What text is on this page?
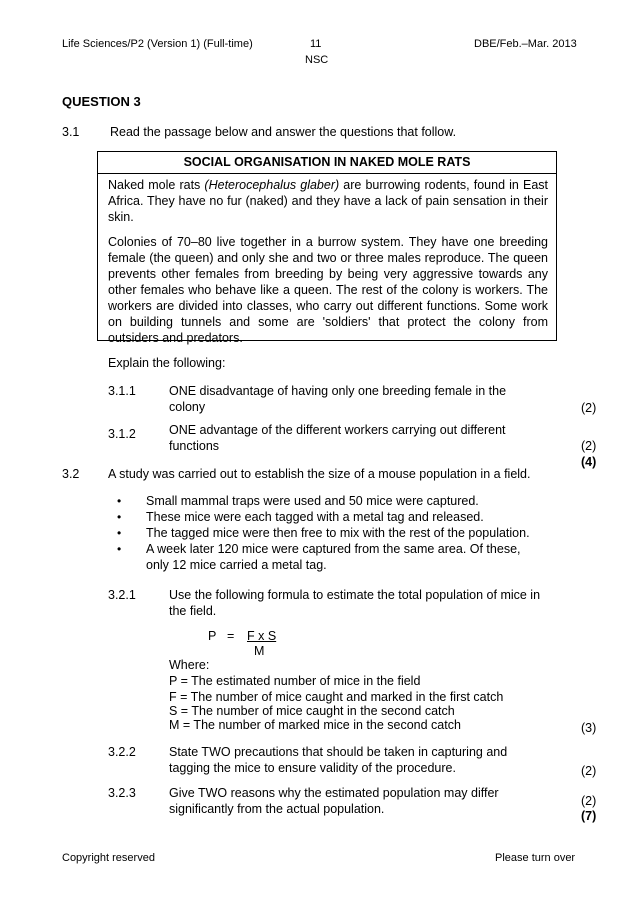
Life Sciences/P2 (Version 1) (Full-time)	11
NSC
DBE/Feb.–Mar. 2013
QUESTION 3
3.1 Read the passage below and answer the questions that follow.
SOCIAL ORGANISATION IN NAKED MOLE RATS
Naked mole rats (Heterocephalus glaber) are burrowing rodents, found in East Africa. They have no fur (naked) and they have a lack of pain sensation in their skin.
Colonies of 70–80 live together in a burrow system. They have one breeding female (the queen) and only she and two or three males reproduce. The queen prevents other females from breeding by being very aggressive towards any other females who behave like a queen. The rest of the colony is workers. The workers are divided into classes, who carry out different functions. Some work on building tunnels and some are 'soldiers' that protect the colony from outsiders and predators.
Explain the following:
3.1.1	ONE disadvantage of having only one breeding female in the
colony	(2)
3.1.2	ONE advantage of the different workers carrying out different
functions	(2)
(4)
3.2 A study was carried out to establish the size of a mouse population in a field.
• Small mammal traps were used and 50 mice were captured.
• These mice were each tagged with a metal tag and released.
• The tagged mice were then free to mix with the rest of the population.
• A week later 120 mice were captured from the same area. Of these,
only 12 mice carried a metal tag.
3.2.1	Use the following formula to estimate the total population of mice in
the field.
P = F x S
M
Where:
P = The estimated number of mice in the field
F = The number of mice caught and marked in the first catch
S = The number of mice caught in the second catch
M = The number of marked mice in the second catch	(3)
3.2.2	State TWO precautions that should be taken in capturing and
tagging the mice to ensure validity of the procedure.	(2)
3.2.3	Give TWO reasons why the estimated population may differ
significantly from the actual population.
(2)
(7)
Copyright reserved	Please turn over
